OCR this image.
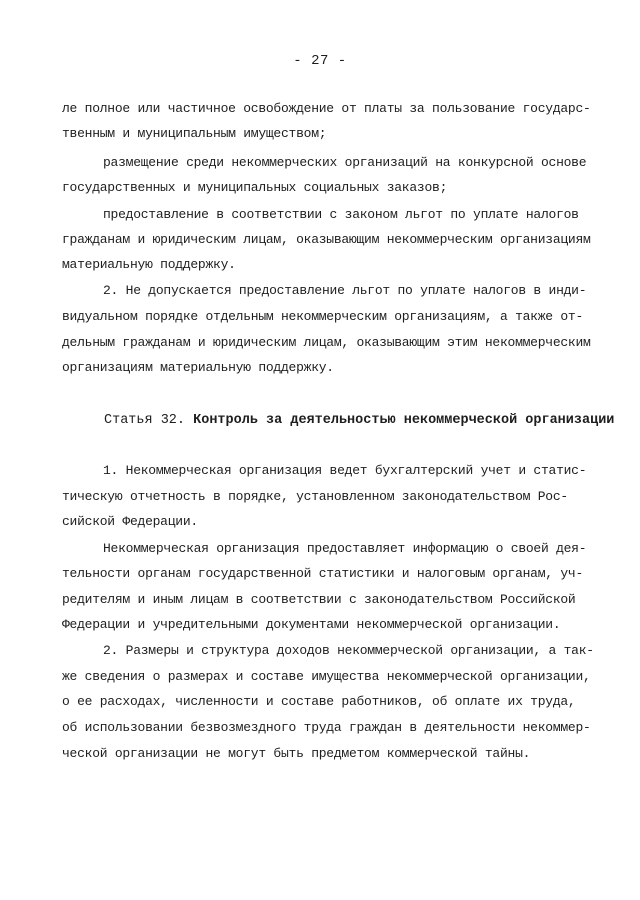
- 27 -
ле полное или частичное освобождение от платы за пользование государс-
твенным и муниципальным имуществом;
размещение среди некоммерческих организаций на конкурсной основе
государственных и муниципальных социальных заказов;
предоставление в соответствии с законом льгот по уплате налогов
гражданам и юридическим лицам, оказывающим некоммерческим организациям
материальную поддержку.
2. Не допускается предоставление льгот по уплате налогов в инди-
видуальном порядке отдельным некоммерческим организациям, а также от-
дельным гражданам и юридическим лицам, оказывающим этим некоммерческим
организациям материальную поддержку.
Статья 32. Контроль за деятельностью некоммерческой организации
1. Некоммерческая организация ведет бухгалтерский учет и статис-
тическую отчетность в порядке, установленном законодательством Рос-
сийской Федерации.
Некоммерческая организация предоставляет информацию о своей дея-
тельности органам государственной статистики и налоговым органам, уч-
редителям и иным лицам в соответствии с законодательством Российской
Федерации и учредительными документами некоммерческой организации.
2. Размеры и структура доходов некоммерческой организации, а так-
же сведения о размерах и составе имущества некоммерческой организации,
о ее расходах, численности и составе работников, об оплате их труда,
об использовании безвозмездного труда граждан в деятельности некоммер-
ческой организации не могут быть предметом коммерческой тайны.
